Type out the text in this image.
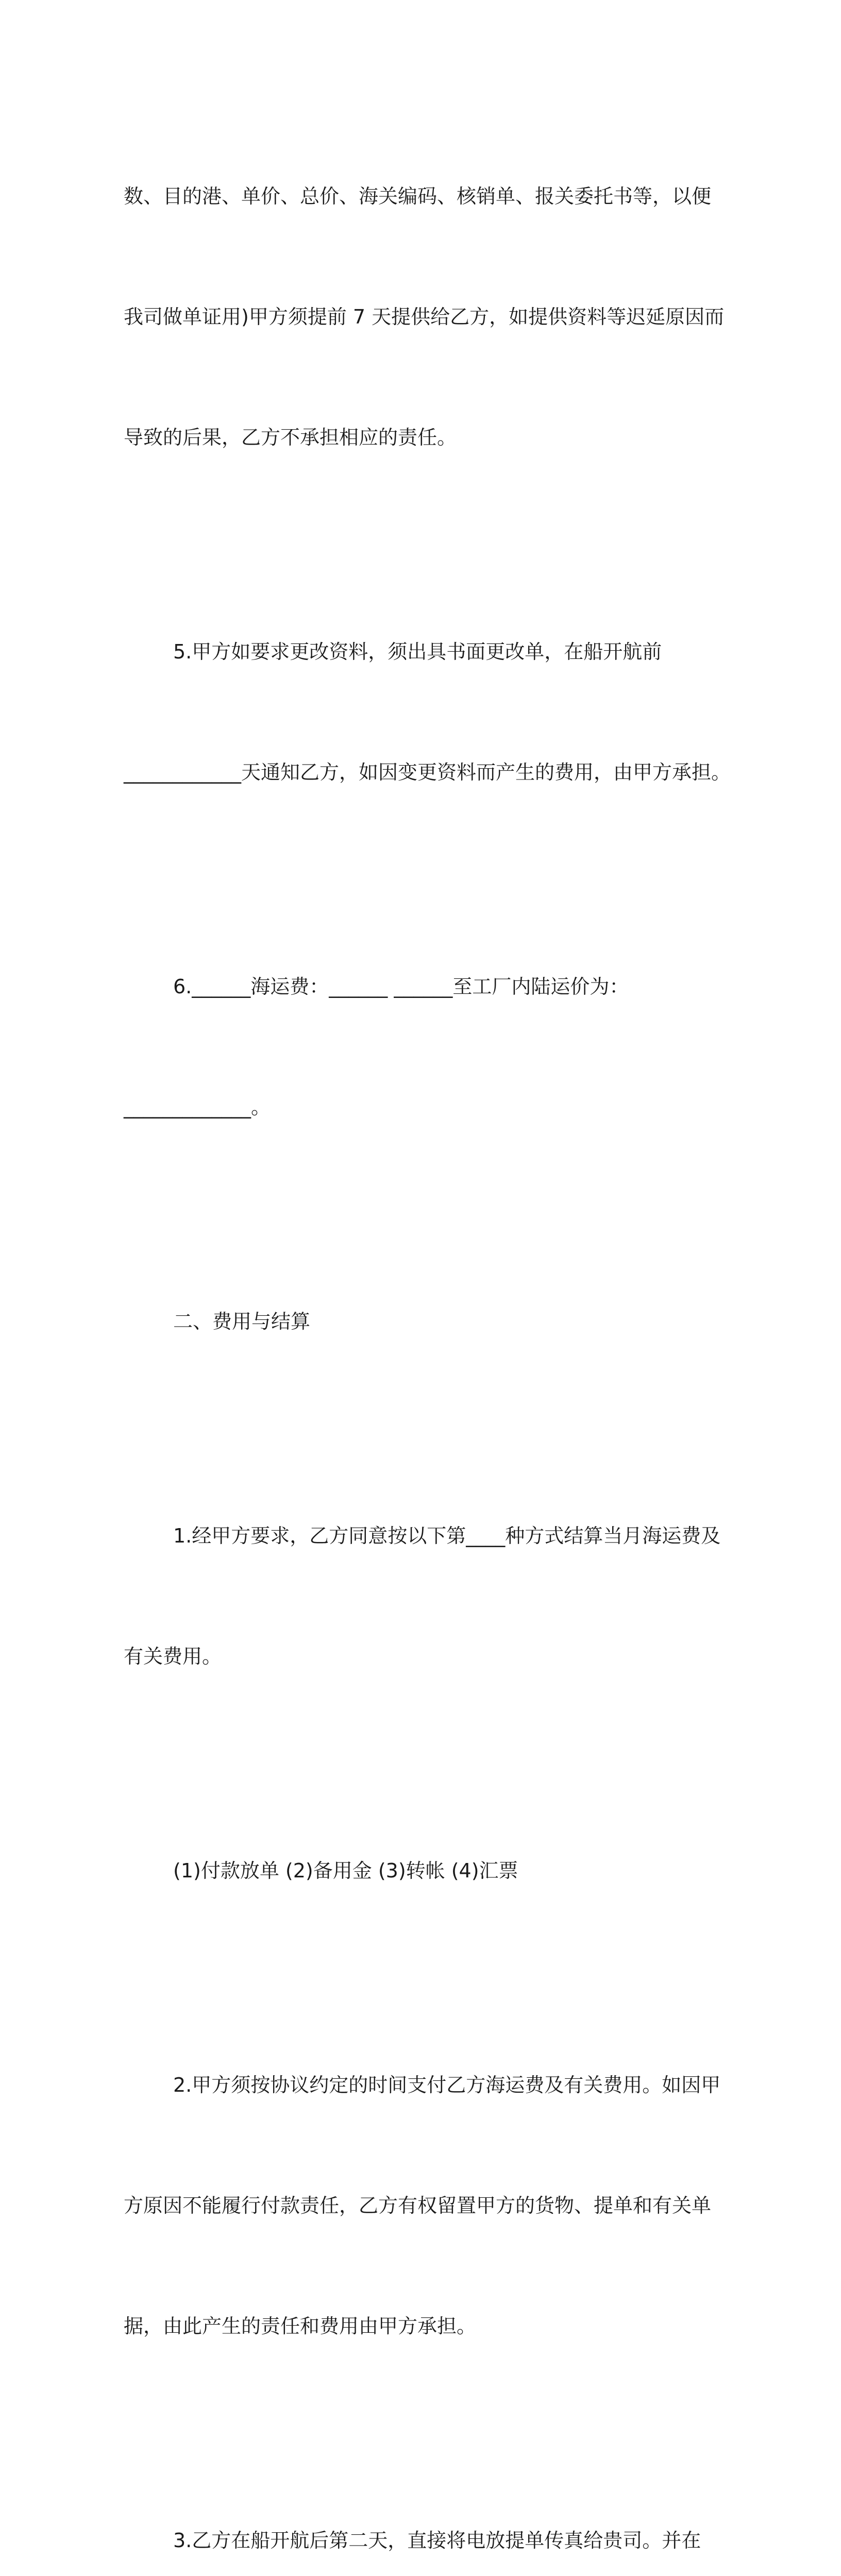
数、目的港、单价、总价、海关编码、核销单、报关委托书等，以便

我司做单证用)甲方须提前 7 天提供给乙方，如提供资料等迟延原因而

导致的后果，乙方不承担相应的责任。

5.甲方如要求更改资料，须出具书面更改单，在船开航前

____________天通知乙方，如因变更资料而产生的费用，由甲方承担。

6.______海运费：______ ______至工厂内陆运价为：

_____________。

二、费用与结算

1.经甲方要求，乙方同意按以下第____种方式结算当月海运费及

有关费用。

(1)付款放单 (2)备用金 (3)转帐 (4)汇票

2.甲方须按协议约定的时间支付乙方海运费及有关费用。如因甲

方原因不能履行付款责任，乙方有权留置甲方的货物、提单和有关单

据，由此产生的责任和费用由甲方承担。

3.乙方在船开航后第二天，直接将电放提单传真给贵司。并在
